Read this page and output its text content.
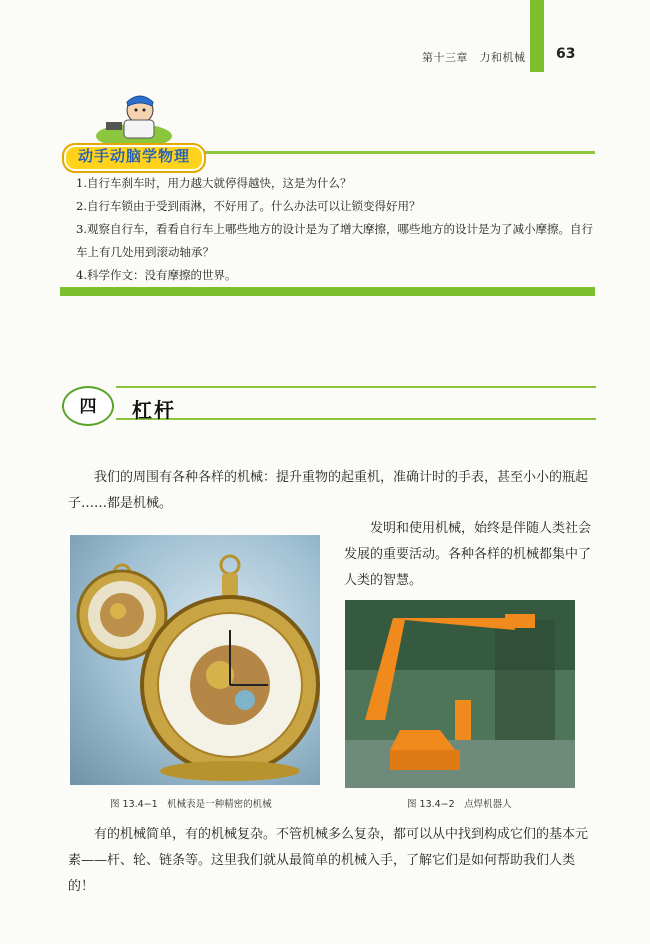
第十三章　力和机械 63
动手动脑学物理

1.自行车刹车时，用力越大就停得越快，这是为什么？

2.自行车锁由于受到雨淋，不好用了。什么办法可以让锁变得好用？

3.观察自行车，看看自行车上哪些地方的设计是为了增大摩擦，哪些地方的设计是为了减小摩擦。自行车上有几处用到滚动轴承？

4.科学作文：没有摩擦的世界。

四	杠杆
我们的周围有各种各样的机械：提升重物的起重机，准确计时的手表，甚至小小的瓶起子……都是机械。
发明和使用机械，始终是伴随人类社会发展的重要活动。各种各样的机械都集中了人类的智慧。
图 13.4−1　机械表是一种精密的机械	图 13.4−2　点焊机器人
有的机械简单，有的机械复杂。不管机械多么复杂，都可以从中找到构成它们的基本元素——杆、轮、链条等。这里我们就从最简单的机械入手，了解它们是如何帮助我们人类的！
